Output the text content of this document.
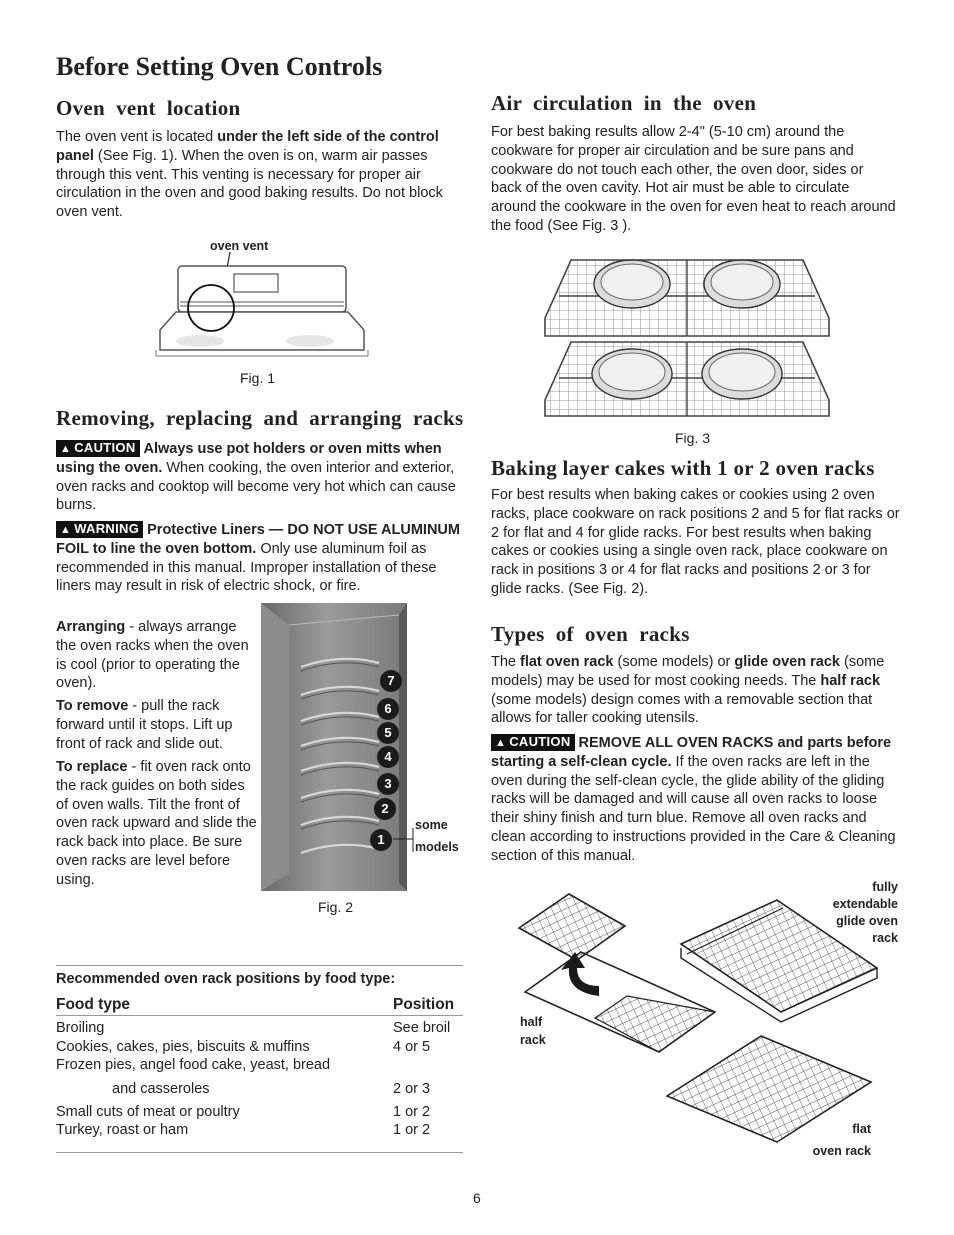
Before Setting Oven Controls
Oven  vent  location
The oven vent is located under the left side of the control panel (See Fig. 1). When the oven is on, warm air passes through this vent. This venting is necessary for proper air circulation in the oven and good baking results. Do not block oven vent.
oven vent
Fig. 1
Removing,  replacing  and  arranging  racks
▲ CAUTION Always use pot holders or oven mitts when using the oven. When cooking, the oven interior and exterior, oven racks and cooktop will become very hot which can cause burns.
▲ WARNING Protective Liners — DO NOT USE ALUMINUM FOIL to line the oven bottom. Only use aluminum foil as recommended in this manual. Improper installation of these liners may result in risk of electric shock, or fire.
Arranging - always arrange the oven racks when the oven is cool (prior to operating the oven).
To remove - pull the rack forward until it stops. Lift up front of rack and slide out.
To replace - fit oven rack onto the rack guides on both sides of oven walls. Tilt the front of oven rack upward and slide the rack back into place. Be sure oven racks are level before using.
7
6
5
4
3
2
1
some
models
Fig. 2
Recommended oven rack positions by food type:
Food type	Position
Broiling	See broil
Cookies, cakes, pies, biscuits & muffins	4 or 5
Frozen pies, angel food cake, yeast, bread
and casseroles	2 or 3
Small cuts of meat or poultry	1 or 2
Turkey, roast or ham	1 or 2
Air  circulation  in  the  oven
For best baking results allow 2-4" (5-10 cm) around the cookware for proper air circulation and be sure pans and cookware do not touch each other, the oven door, sides or back of the oven cavity. Hot air must be able to circulate around the cookware in the oven for even heat to reach around the food (See Fig. 3 ).
Fig. 3
Baking layer cakes with 1 or 2 oven racks
For best results when baking cakes or cookies using 2 oven racks, place cookware on rack positions 2 and 5 for flat racks or 2 for flat and 4 for glide racks. For best results when baking cakes or cookies using a single oven rack, place cookware on rack in positions 3 or 4 for flat racks and positions 2 or 3 for glide racks. (See Fig. 2).
Types  of  oven  racks
The flat oven rack (some models) or glide oven rack (some models) may be used for most cooking needs. The half rack (some models) design comes with a removable section that allows for taller cooking utensils.
▲ CAUTION REMOVE ALL OVEN RACKS and parts before starting a self-clean cycle. If the oven racks are left in the oven during the self-clean cycle, the glide ability of the gliding racks will be damaged and will cause all oven racks to loose their shiny finish and turn blue. Remove all oven racks and clean according to instructions provided in the Care & Cleaning section of this manual.
fully
extendable
glide oven
rack
half
rack
flat
oven rack
6
